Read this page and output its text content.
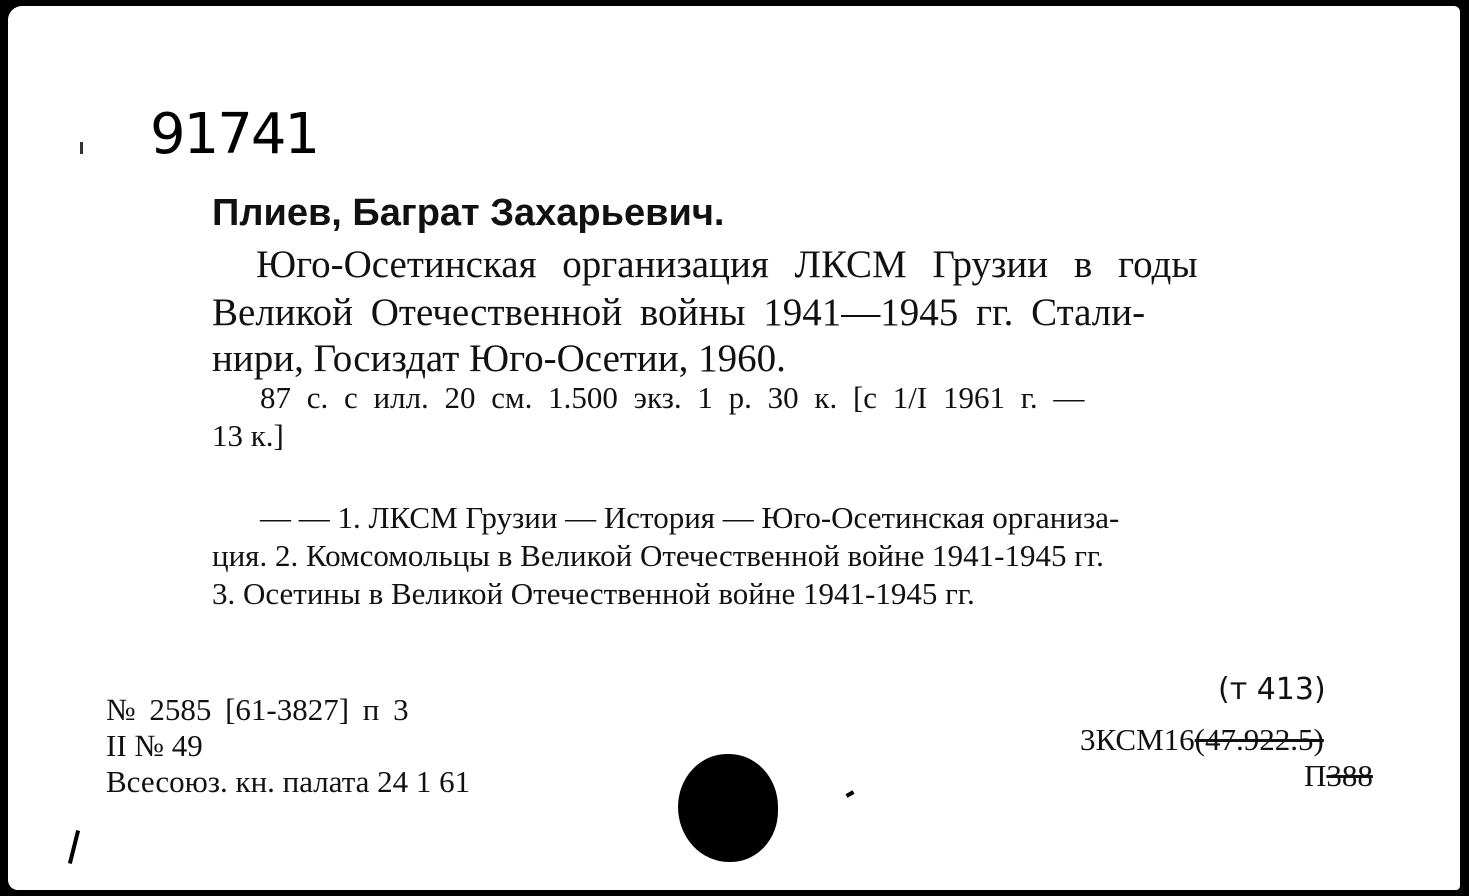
91741
Плиев, Баграт Захарьевич.
Юго-Осетинская организация ЛКСМ Грузии в годы
Великой Отечественной войны 1941—1945 гг. Стали-
нири, Госиздат Юго-Осетии, 1960.
87 с. с илл. 20 см. 1.500 экз. 1 р. 30 к. [с 1/I 1961 г. —
13 к.]
— — 1. ЛКСМ Грузии — История — Юго-Осетинская организа-
ция. 2. Комсомольцы в Великой Отечественной войне 1941-1945 гг.
3. Осетины в Великой Отечественной войне 1941-1945 гг.
№ 2585 [61-3827] п 3
II № 49
Всесоюз. кн. палата 24 1 61
(т 413)
3КСМ16(47.922.5)
П388
